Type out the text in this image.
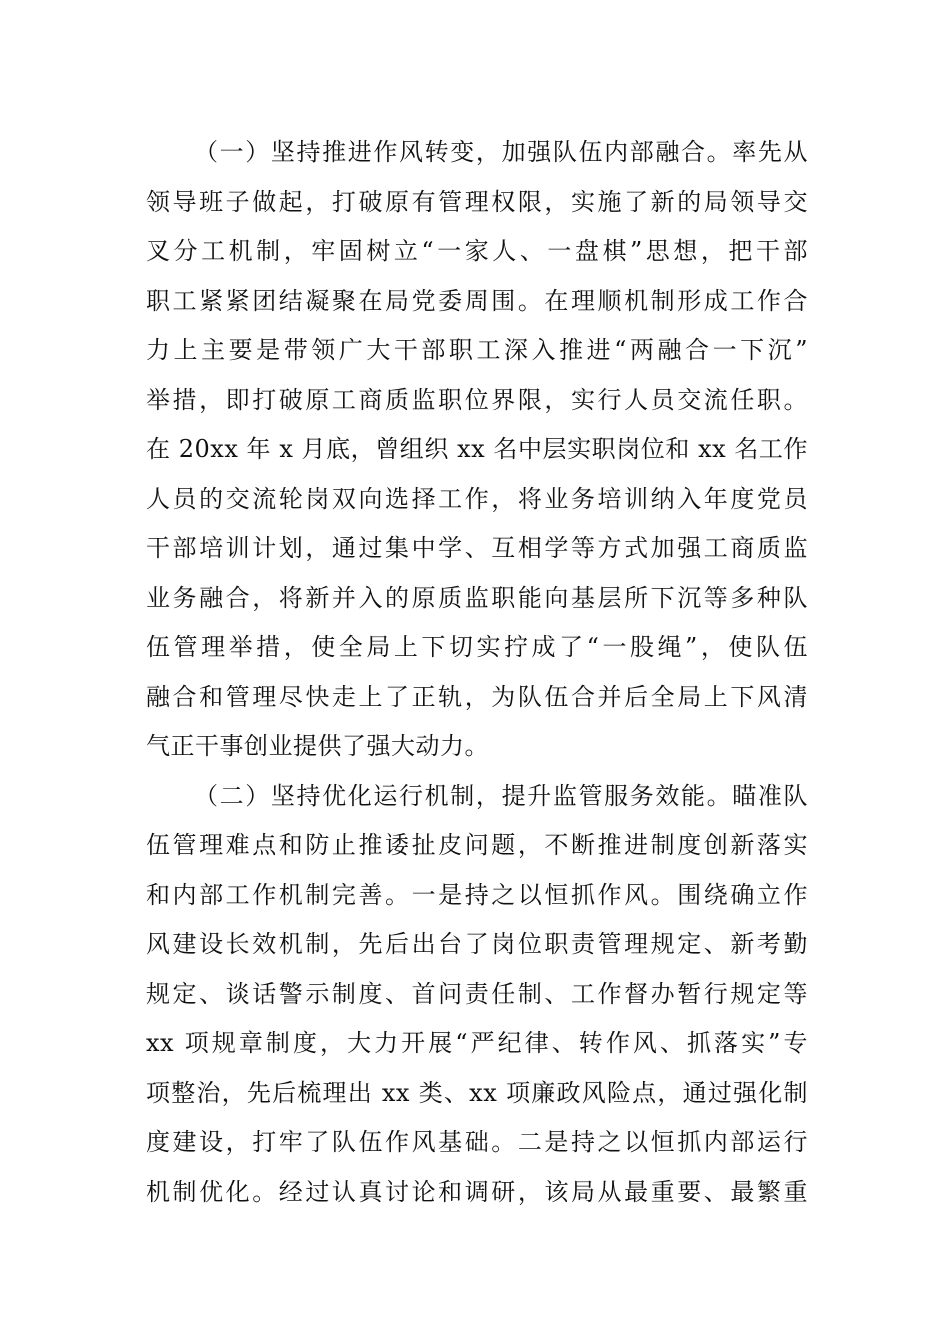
（一）坚持推进作风转变，加强队伍内部融合。率先从
领导班子做起，打破原有管理权限，实施了新的局领导交
叉分工机制，牢固树立“一家人、一盘棋”思想，把干部
职工紧紧团结凝聚在局党委周围。在理顺机制形成工作合
力上主要是带领广大干部职工深入推进“两融合一下沉”
举措，即打破原工商质监职位界限，实行人员交流任职。
在 20xx 年 x 月底，曾组织 xx 名中层实职岗位和 xx 名工作
人员的交流轮岗双向选择工作，将业务培训纳入年度党员
干部培训计划，通过集中学、互相学等方式加强工商质监
业务融合，将新并入的原质监职能向基层所下沉等多种队
伍管理举措，使全局上下切实拧成了“一股绳”，使队伍
融合和管理尽快走上了正轨，为队伍合并后全局上下风清
气正干事创业提供了强大动力。
（二）坚持优化运行机制，提升监管服务效能。瞄准队
伍管理难点和防止推诿扯皮问题，不断推进制度创新落实
和内部工作机制完善。一是持之以恒抓作风。围绕确立作
风建设长效机制，先后出台了岗位职责管理规定、新考勤
规定、谈话警示制度、首问责任制、工作督办暂行规定等
xx 项规章制度，大力开展“严纪律、转作风、抓落实”专
项整治，先后梳理出 xx 类、xx 项廉政风险点，通过强化制
度建设，打牢了队伍作风基础。二是持之以恒抓内部运行
机制优化。经过认真讨论和调研，该局从最重要、最繁重
